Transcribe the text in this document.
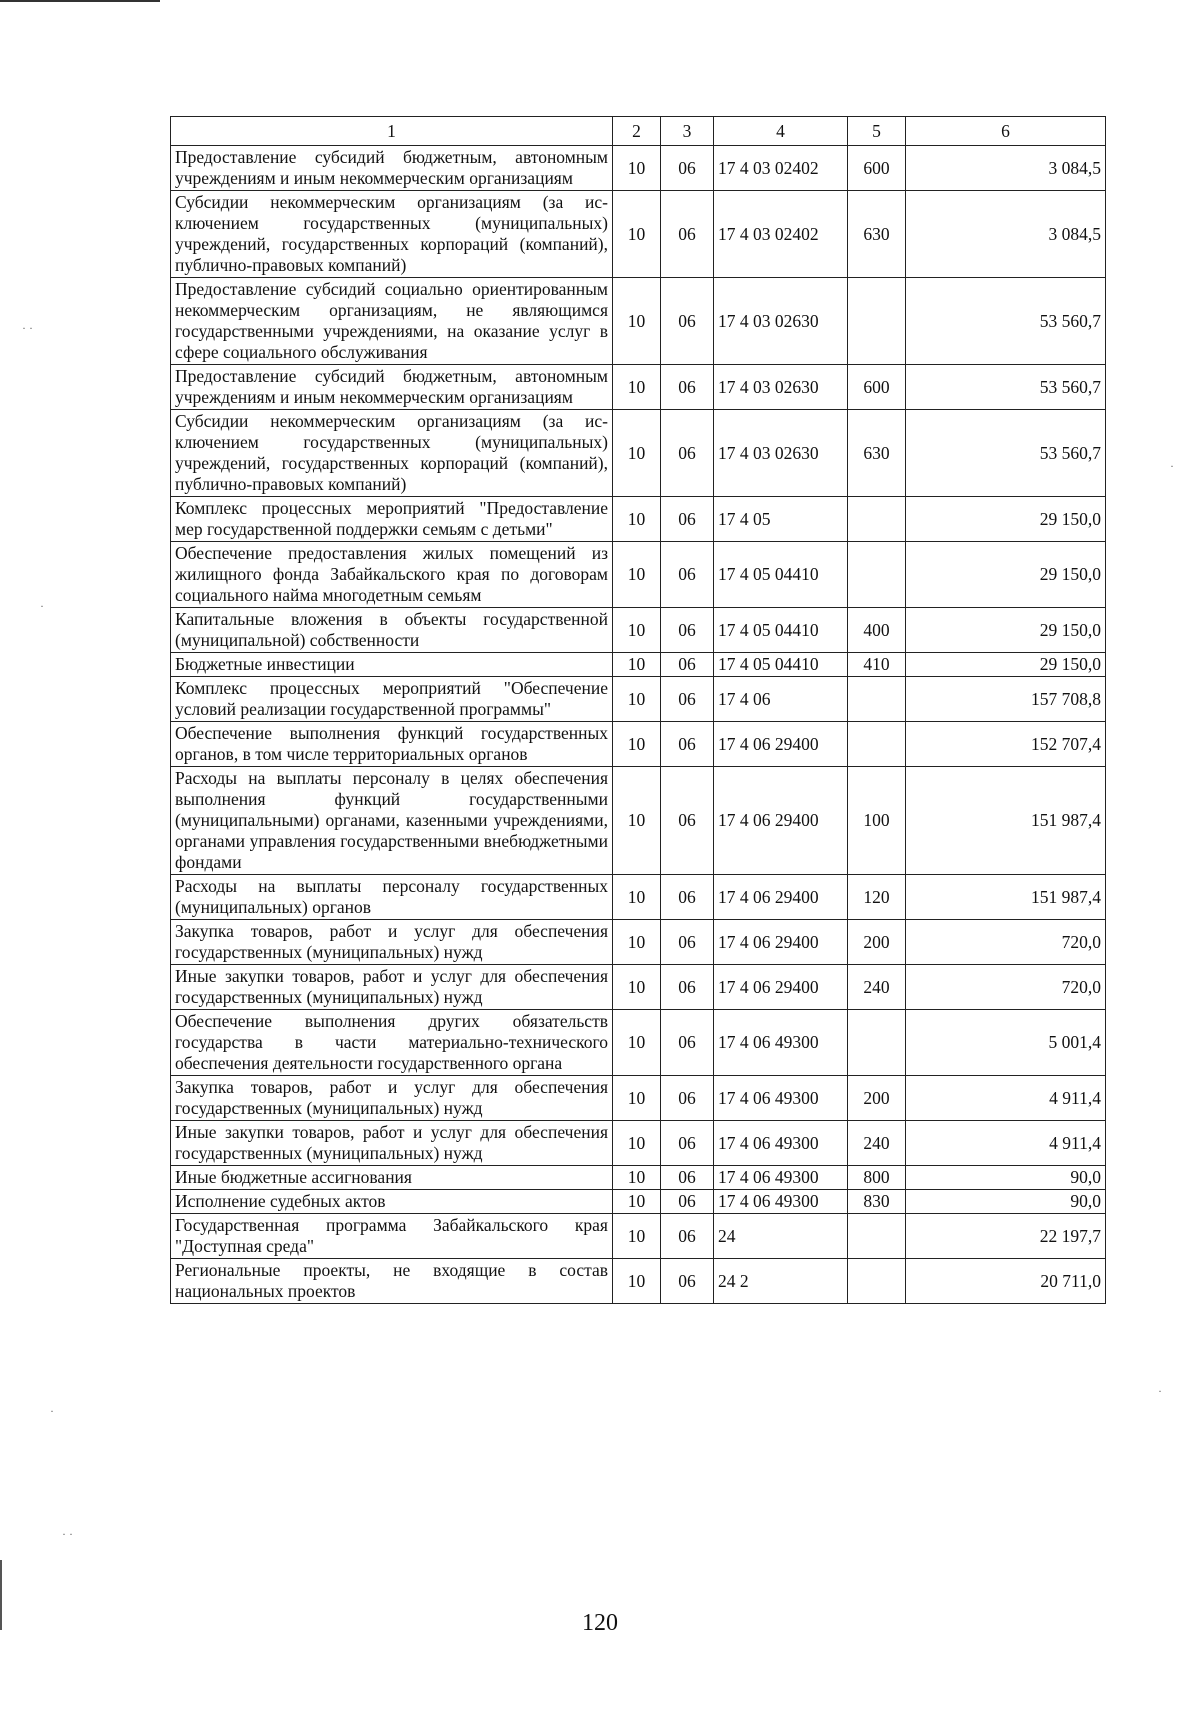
· ·
·
·
· ·
·
·
1	2	3	4	5	6
Предоставление субсидий бюджетным, автономным учреждениям и иным некоммерческим организациям	10	06	17 4 03 02402	600	3 084,5
Субсидии некоммерческим организациям (за исключением государственных (муниципальных) учреждений, государственных корпораций (компаний), публично-правовых компаний)	10	06	17 4 03 02402	630	3 084,5
Предоставление субсидий социально ориентированным некоммерческим организациям, не являющимся государственными учреждениями, на оказание услуг в сфере социального обслуживания	10	06	17 4 03 02630		53 560,7
Предоставление субсидий бюджетным, автономным учреждениям и иным некоммерческим организациям	10	06	17 4 03 02630	600	53 560,7
Субсидии некоммерческим организациям (за исключением государственных (муниципальных) учреждений, государственных корпораций (компаний), публично-правовых компаний)	10	06	17 4 03 02630	630	53 560,7
Комплекс процессных мероприятий "Предоставление мер государственной поддержки семьям с детьми"	10	06	17 4 05		29 150,0
Обеспечение предоставления жилых помещений из жилищного фонда Забайкальского края по договорам социального найма многодетным семьям	10	06	17 4 05 04410		29 150,0
Капитальные вложения в объекты государственной (муниципальной) собственности	10	06	17 4 05 04410	400	29 150,0
Бюджетные инвестиции	10	06	17 4 05 04410	410	29 150,0
Комплекс процессных мероприятий "Обеспечение условий реализации государственной программы"	10	06	17 4 06		157 708,8
Обеспечение выполнения функций государственных органов, в том числе территориальных органов	10	06	17 4 06 29400		152 707,4
Расходы на выплаты персоналу в целях обеспечения выполнения функций государственными (муниципальными) органами, казенными учреждениями, органами управления государственными внебюджетными фондами	10	06	17 4 06 29400	100	151 987,4
Расходы на выплаты персоналу государственных (муниципальных) органов	10	06	17 4 06 29400	120	151 987,4
Закупка товаров, работ и услуг для обеспечения государственных (муниципальных) нужд	10	06	17 4 06 29400	200	720,0
Иные закупки товаров, работ и услуг для обеспечения государственных (муниципальных) нужд	10	06	17 4 06 29400	240	720,0
Обеспечение выполнения других обязательств государства в части материально-технического обеспечения деятельности государственного органа	10	06	17 4 06 49300		5 001,4
Закупка товаров, работ и услуг для обеспечения государственных (муниципальных) нужд	10	06	17 4 06 49300	200	4 911,4
Иные закупки товаров, работ и услуг для обеспечения государственных (муниципальных) нужд	10	06	17 4 06 49300	240	4 911,4
Иные бюджетные ассигнования	10	06	17 4 06 49300	800	90,0
Исполнение судебных актов	10	06	17 4 06 49300	830	90,0
Государственная программа Забайкальского края "Доступная среда"	10	06	24		22 197,7
Региональные проекты, не входящие в состав национальных проектов	10	06	24 2		20 711,0
120
